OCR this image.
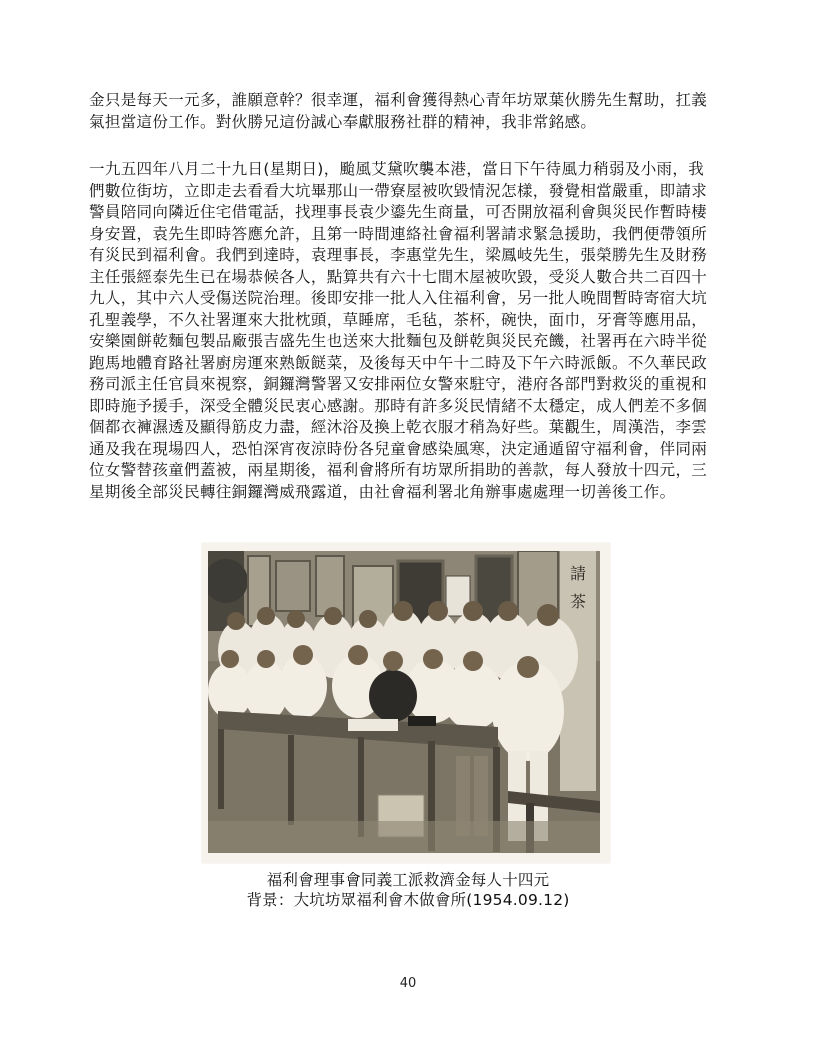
金只是每天一元多，誰願意幹？很幸運，福利會獲得熱心青年坊眾葉伙勝先生幫助，扛義
氣担當這份工作。對伙勝兄這份誠心奉獻服務社群的精神，我非常銘感。
一九五四年八月二十九日(星期日)，颱風艾黛吹襲本港，當日下午待風力稍弱及小雨，我
們數位街坊，立即走去看看大坑畢那山一帶寮屋被吹毀情況怎樣，發覺相當嚴重，即請求
警員陪同向隣近住宅借電話，找理事長袁少鎏先生商量，可否開放福利會與災民作暫時棲
身安置，袁先生即時答應允許，且第一時間連絡社會福利署請求緊急援助，我們便帶領所
有災民到福利會。我們到達時，袁理事長，李惠堂先生，梁鳳岐先生，張榮勝先生及財務
主任張經泰先生已在場恭候各人，點算共有六十七間木屋被吹毀，受災人數合共二百四十
九人，其中六人受傷送院治理。後即安排一批人入住福利會，另一批人晚間暫時寄宿大坑
孔聖義學，不久社署運來大批枕頭，草睡席，毛毡，茶杯，碗快，面巾，牙膏等應用品，
安樂園餅乾麵包製品廠張吉盛先生也送來大批麵包及餅乾與災民充饑，社署再在六時半從
跑馬地體育路社署廚房運來熟飯餸菜，及後每天中午十二時及下午六時派飯。不久華民政
務司派主任官員來視察，銅鑼灣警署又安排兩位女警來駐守，港府各部門對救災的重視和
即時施予援手，深受全體災民衷心感謝。那時有許多災民情緒不太穩定，成人們差不多個
個都衣褲濕透及顯得筋皮力盡，經沐浴及換上乾衣服才稍為好些。葉觀生，周漢浩，李雲
通及我在現場四人，恐怕深宵夜涼時份各兒童會感染風寒，決定通遁留守福利會，伴同兩
位女警替孩童們蓋被，兩星期後，福利會將所有坊眾所捐助的善款，每人發放十四元，三
星期後全部災民轉往銅鑼灣威飛露道，由社會福利署北角辦事處處理一切善後工作。
請
茶
福利會理事會同義工派救濟金每人十四元
背景：大坑坊眾福利會木做會所(1954.09.12)
40
